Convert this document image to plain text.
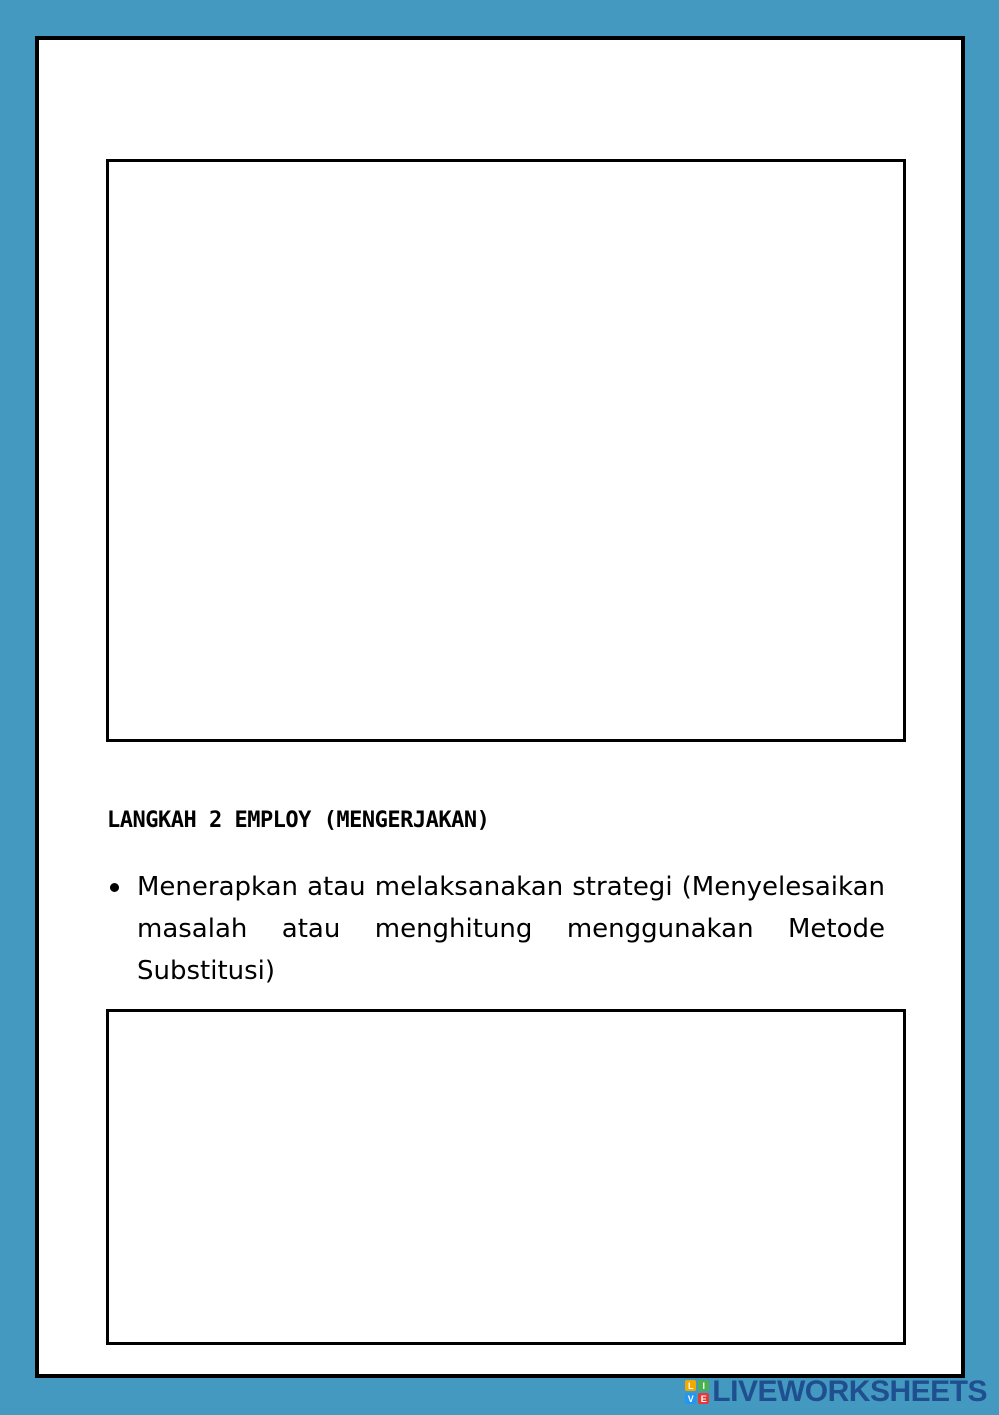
LANGKAH 2 EMPLOY (MENGERJAKAN)
Menerapkan atau melaksanakan strategi (Menyelesaikan masalah atau menghitung menggunakan Metode Substitusi)
L I
V E LIVEWORKSHEETS
